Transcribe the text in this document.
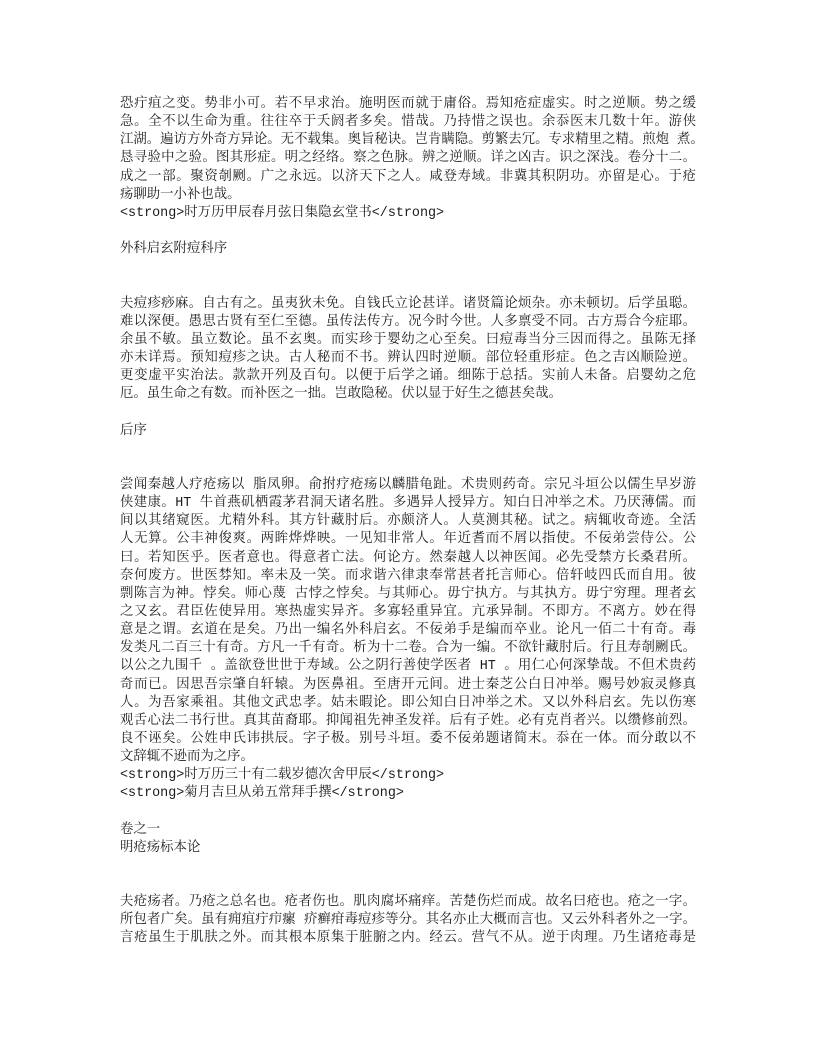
恐疔疽之变。势非小可。若不早求治。施明医而就于庸俗。焉知疮症虚实。时之逆顺。势之缓
急。全不以生命为重。往往卒于夭阏者多矣。惜哉。乃持惜之误也。余忝医末几数十年。游侠
江湖。遍访方外奇方异论。无不载集。奥旨秘诀。岂肯瞒隐。剪繁去冗。专求精里之精。煎炮 煮。
恳寻验中之验。图其形症。明之经络。察之色脉。辨之逆顺。详之凶吉。识之深浅。卷分十二。
成之一部。聚资剞劂。广之永远。以济天下之人。咸登寿域。非冀其积阴功。亦留是心。于疮
疡聊助一小补也哉。
<strong>时万历甲辰春月弦日集隐玄堂书</strong>
外科启玄附痘科序
夫痘疹痧麻。自古有之。虽夷狄未免。自钱氏立论甚详。诸贤篇论烦杂。亦未顿切。后学虽聪。
难以深便。愚思古贤有至仁至德。虽传法传方。况今时今世。人多禀受不同。古方焉合今症耶。
余虽不敏。虽立数论。虽不玄奥。而实珍于婴幼之心至矣。曰痘毒当分三因而得之。虽陈无择
亦未详焉。预知痘疹之诀。古人秘而不书。辨认四时逆顺。部位轻重形症。色之吉凶顺险逆。
更变虚平实治法。款款开列及百句。以便于后学之诵。细陈于总括。实前人未备。启婴幼之危
厄。虽生命之有数。而补医之一拙。岂敢隐秘。伏以显于好生之德甚矣哉。
后序
尝闻秦越人疗疮疡以 脂凤卵。俞拊疗疮疡以麟腊龟趾。术贵则药奇。宗兄斗垣公以儒生早岁游
侠建康。HT 牛首燕矶栖霞茅君洞天诸名胜。多遇异人授异方。知白日冲举之术。乃厌薄儒。而
间以其绪窥医。尤精外科。其方针藏肘后。亦颇济人。人莫测其秘。试之。病辄收奇迹。全活
人无算。公丰神俊爽。两眸烨烨映。一见知非常人。年近耆而不屑以指使。不佞弟尝侍公。公
曰。若知医乎。医者意也。得意者亡法。何论方。然秦越人以神医闻。必先受禁方长桑君所。
奈何废方。世医棼知。率未及一笑。而求谐六律隶奉常甚者托言师心。倍轩岐四氏而自用。彼
剽陈言为神。悖矣。师心蔑 古悖之悖矣。与其师心。毋宁执方。与其执方。毋宁穷理。理者玄
之又玄。君臣佐使异用。寒热虚实异齐。多寡轻重异宜。亢承异制。不即方。不离方。妙在得
意是之谓。玄道在是矣。乃出一编名外科启玄。不佞弟手是编而卒业。论凡一佰二十有奇。毒
发类凡二百三十有奇。方凡一千有奇。析为十二卷。合为一编。不欲针藏肘后。行且寿剞劂氏。
以公之九围千 。盖欲登世世于寿域。公之阴行善使学医者 HT 。用仁心何深挚哉。不但术贵药
奇而已。因思吾宗肇自轩辕。为医鼻祖。至唐开元间。进士秦芝公白日冲举。赐号妙寂灵修真
人。为吾家乘祖。其他文武忠孝。姑未暇论。即公知白日冲举之术。又以外科启玄。先以伤寒
观舌心法二书行世。真其苗裔耶。抑闻祖先神圣发祥。后有子姓。必有克肖者兴。以缵修前烈。
良不诬矣。公姓申氏讳拱辰。字子极。别号斗垣。委不佞弟题诸简末。忝在一体。而分敢以不
文辞辄不逊而为之序。
<strong>时万历三十有二载岁德次舍甲辰</strong>
<strong>菊月吉旦从弟五常拜手撰</strong>
卷之一
明疮疡标本论
夫疮疡者。乃疮之总名也。疮者伤也。肌肉腐坏痛痒。苦楚伤烂而成。故名曰疮也。疮之一字。
所包者广矣。虽有痈疽疔疖瘰 疥癣疳毒痘疹等分。其名亦止大概而言也。又云外科者外之一字。
言疮虽生于肌肤之外。而其根本原集于脏腑之内。经云。营气不从。逆于肉理。乃生诸疮毒是
